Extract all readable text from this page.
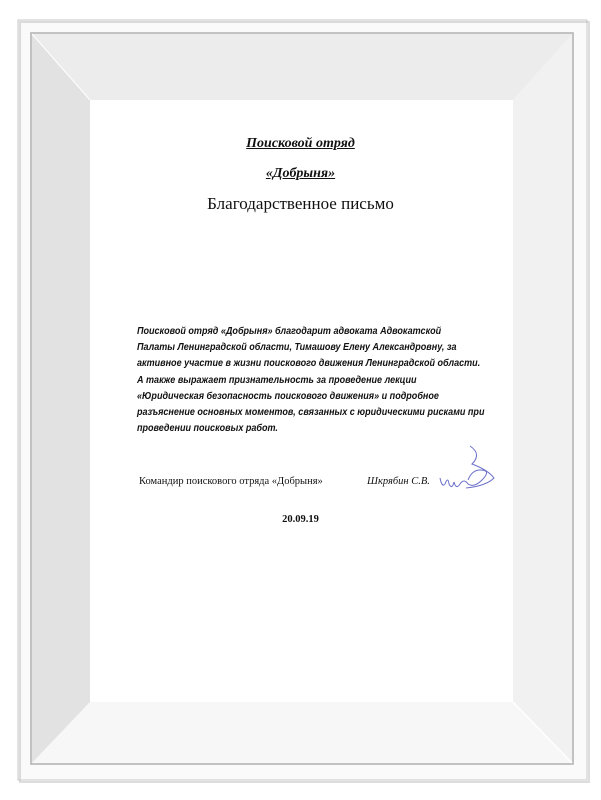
Поисковой отряд
«Добрыня»
Благодарственное письмо
Поисковой отряд «Добрыня» благодарит адвоката Адвокатской
Палаты Ленинградской области, Тимашову Елену Александровну, за
активное участие в жизни поискового движения Ленинградской области.
А также выражает признательность за проведение лекции
«Юридическая безопасность поискового движения» и подробное
разъяснение основных моментов, связанных с юридическими рисками при
проведении поисковых работ.
Командир поискового отряда «Добрыня»	Шкрябин С.В.
20.09.19
